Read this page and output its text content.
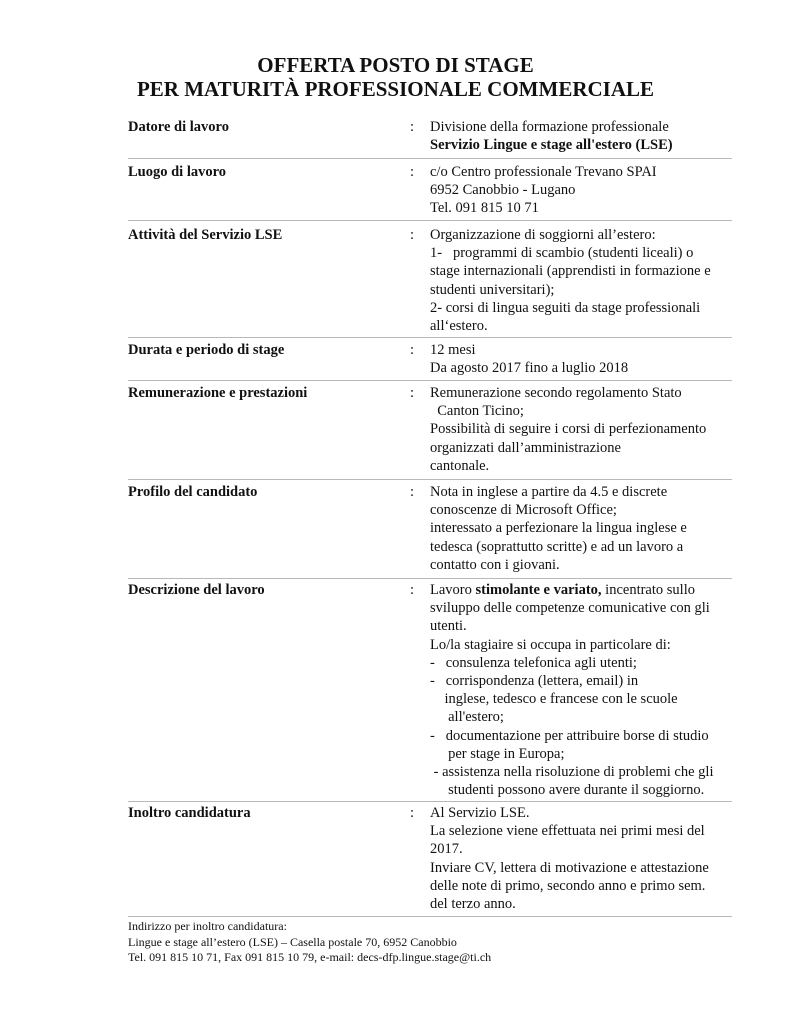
OFFERTA POSTO DI STAGE
PER MATURITÀ PROFESSIONALE COMMERCIALE
Datore di lavoro	: Divisione della formazione professionale
Servizio Lingue e stage all'estero (LSE)
Luogo di lavoro	: c/o Centro professionale Trevano SPAI
6952 Canobbio - Lugano
Tel. 091 815 10 71
Attività del Servizio LSE	: Organizzazione di soggiorni all’estero:
1-   programmi di scambio (studenti liceali) o
stage internazionali (apprendisti in formazione e
studenti universitari);
2- corsi di lingua seguiti da stage professionali
all‘estero.
Durata e periodo di stage	: 12 mesi
Da agosto 2017 fino a luglio 2018
Remunerazione e prestazioni	: Remunerazione secondo regolamento Stato
Canton Ticino;
Possibilità di seguire i corsi di perfezionamento
organizzati dall’amministrazione
cantonale.
Profilo del candidato	: Nota in inglese a partire da 4.5 e discrete
conoscenze di Microsoft Office;
interessato a perfezionare la lingua inglese e
tedesca (soprattutto scritte) e ad un lavoro a
contatto con i giovani.
Descrizione del lavoro	: Lavoro stimolante e variato, incentrato sullo
sviluppo delle competenze comunicative con gli
utenti.
Lo/la stagiaire si occupa in particolare di:
-   consulenza telefonica agli utenti;
-   corrispondenza (lettera, email) in
inglese, tedesco e francese con le scuole
all'estero;
-   documentazione per attribuire borse di studio
per stage in Europa;
- assistenza nella risoluzione di problemi che gli
studenti possono avere durante il soggiorno.
Inoltro candidatura	: Al Servizio LSE.
La selezione viene effettuata nei primi mesi del
2017.
Inviare CV, lettera di motivazione e attestazione
delle note di primo, secondo anno e primo sem.
del terzo anno.
Indirizzo per inoltro candidatura:
Lingue e stage all’estero (LSE) – Casella postale 70, 6952 Canobbio
Tel. 091 815 10 71, Fax 091 815 10 79, e-mail: decs-dfp.lingue.stage@ti.ch
